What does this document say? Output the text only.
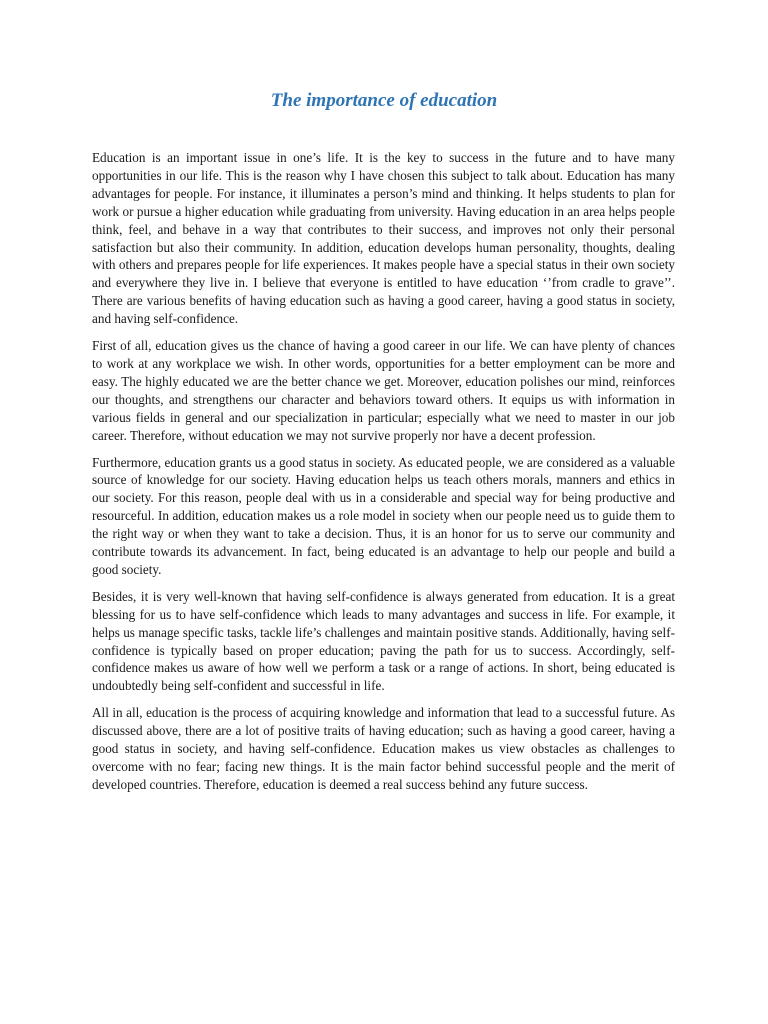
The importance of education

Education is an important issue in one’s life. It is the key to success in the future and to have many opportunities in our life. This is the reason why I have chosen this subject to talk about. Education has many advantages for people. For instance, it illuminates a person’s mind and thinking. It helps students to plan for work or pursue a higher education while graduating from university. Having education in an area helps people think, feel, and behave in a way that contributes to their success, and improves not only their personal satisfaction but also their community. In addition, education develops human personality, thoughts, dealing with others and prepares people for life experiences. It makes people have a special status in their own society and everywhere they live in. I believe that everyone is entitled to have education ‘’from cradle to grave’’. There are various benefits of having education such as having a good career, having a good status in society, and having self-confidence.

First of all, education gives us the chance of having a good career in our life. We can have plenty of chances to work at any workplace we wish. In other words, opportunities for a better employment can be more and easy. The highly educated we are the better chance we get. Moreover, education polishes our mind, reinforces our thoughts, and strengthens our character and behaviors toward others. It equips us with information in various fields in general and our specialization in particular; especially what we need to master in our job career. Therefore, without education we may not survive properly nor have a decent profession.

Furthermore, education grants us a good status in society. As educated people, we are considered as a valuable source of knowledge for our society. Having education helps us teach others morals, manners and ethics in our society. For this reason, people deal with us in a considerable and special way for being productive and resourceful. In addition, education makes us a role model in society when our people need us to guide them to the right way or when they want to take a decision. Thus, it is an honor for us to serve our community and contribute towards its advancement. In fact, being educated is an advantage to help our people and build a good society.

Besides, it is very well-known that having self-confidence is always generated from education. It is a great blessing for us to have self-confidence which leads to many advantages and success in life. For example, it helps us manage specific tasks, tackle life’s challenges and maintain positive stands. Additionally, having self-confidence is typically based on proper education; paving the path for us to success. Accordingly, self-confidence makes us aware of how well we perform a task or a range of actions. In short, being educated is undoubtedly being self-confident and successful in life.

All in all, education is the process of acquiring knowledge and information that lead to a successful future. As discussed above, there are a lot of positive traits of having education; such as having a good career, having a good status in society, and having self-confidence. Education makes us view obstacles as challenges to overcome with no fear; facing new things. It is the main factor behind successful people and the merit of developed countries. Therefore, education is deemed a real success behind any future success.
